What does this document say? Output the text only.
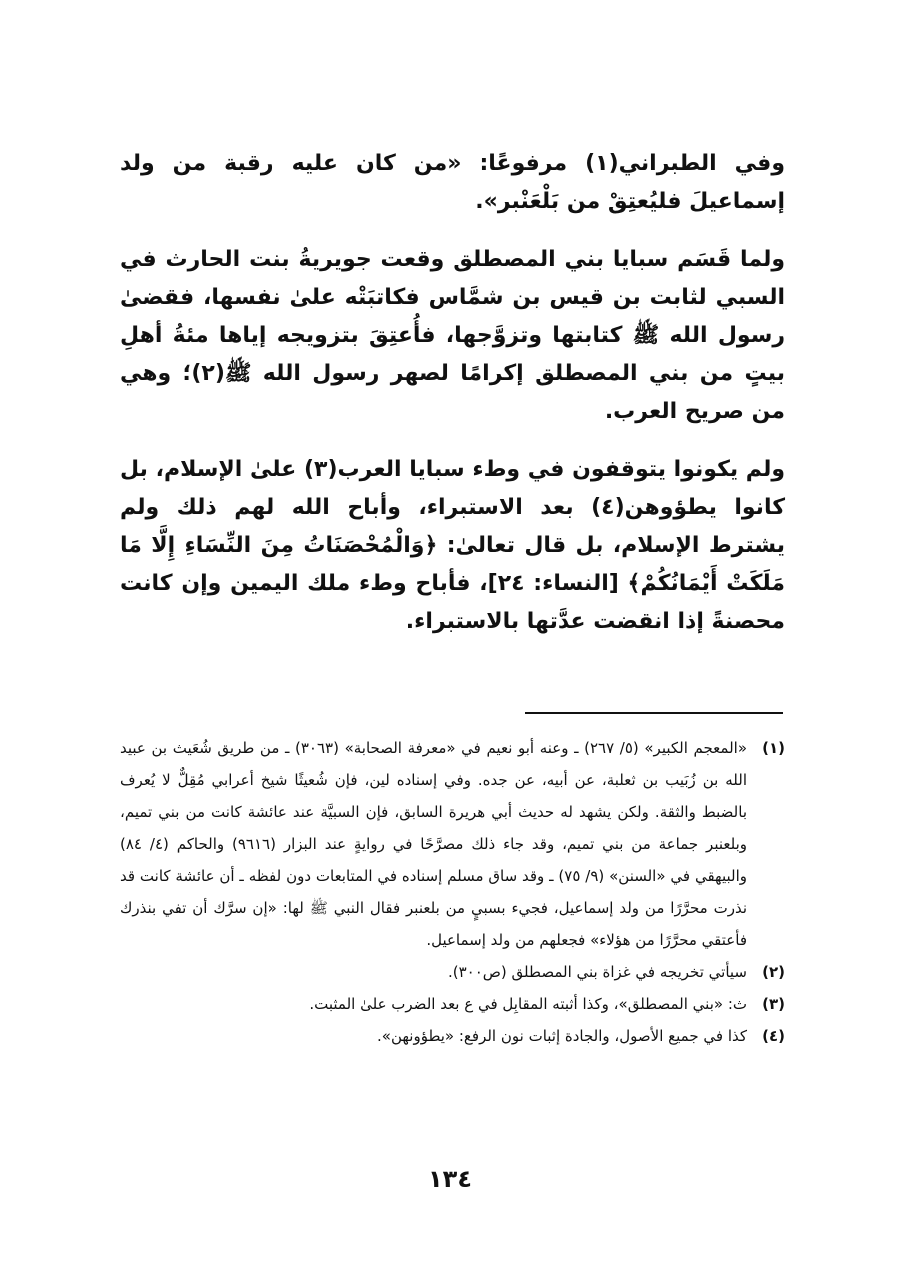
وفي الطبراني(١) مرفوعًا: «من كان عليه رقبة من ولد إسماعيلَ فليُعتِقْ من بَلْعَنْبر».

ولما قَسَم سبايا بني المصطلق وقعت جويريةُ بنت الحارث في السبي لثابت بن قيس بن شمَّاس فكاتبَتْه علىٰ نفسها، فقضىٰ رسول الله ﷺ كتابتها وتزوَّجها، فأُعتِقَ بتزويجه إياها مئةُ أهلِ بيتٍ من بني المصطلق إكرامًا لصهر رسول الله ﷺ(٢)؛ وهي من صريح العرب.

ولم يكونوا يتوقفون في وطء سبايا العرب(٣) علىٰ الإسلام، بل كانوا يطؤوهن(٤) بعد الاستبراء، وأباح الله لهم ذلك ولم يشترط الإسلام، بل قال تعالىٰ: ﴿وَالْمُحْصَنَاتُ مِنَ النِّسَاءِ إِلَّا مَا مَلَكَتْ أَيْمَانُكُمْ﴾ [النساء: ٢٤]، فأباح وطء ملك اليمين وإن كانت محصنةً إذا انقضت عدَّتها بالاستبراء.

(١)
«المعجم الكبير» (٥/ ٢٦٧) ـ وعنه أبو نعيم في «معرفة الصحابة» (٣٠٦٣) ـ من طريق شُعَيث بن عبيد الله بن زُبَيب بن ثعلبة، عن أبيه، عن جده. وفي إسناده لين، فإن شُعيثًا شيخ أعرابي مُقِلٌّ لا يُعرف بالضبط والثقة. ولكن يشهد له حديث أبي هريرة السابق، فإن السبيَّة عند عائشة كانت من بني تميم، وبلعنبر جماعة من بني تميم، وقد جاء ذلك مصرَّحًا في روايةٍ عند البزار (٩٦١٦) والحاكم (٤/ ٨٤) والبيهقي في «السنن» (٩/ ٧٥) ـ وقد ساق مسلم إسناده في المتابعات دون لفظه ـ أن عائشة كانت قد نذرت محرَّرًا من ولد إسماعيل، فجيء بسبيٍ من بلعنبر فقال النبي ﷺ لها: «إن سرَّك أن تفي بنذرك فأعتقي محرَّرًا من هؤلاء» فجعلهم من ولد إسماعيل.
(٢)
سيأتي تخريجه في غزاة بني المصطلق (ص٣٠٠).
(٣)
ث: «بني المصطلق»، وكذا أثبته المقابِل في ع بعد الضرب علىٰ المثبت.
(٤)
كذا في جميع الأصول، والجادة إثبات نون الرفع: «يطؤونهن».
١٣٤
